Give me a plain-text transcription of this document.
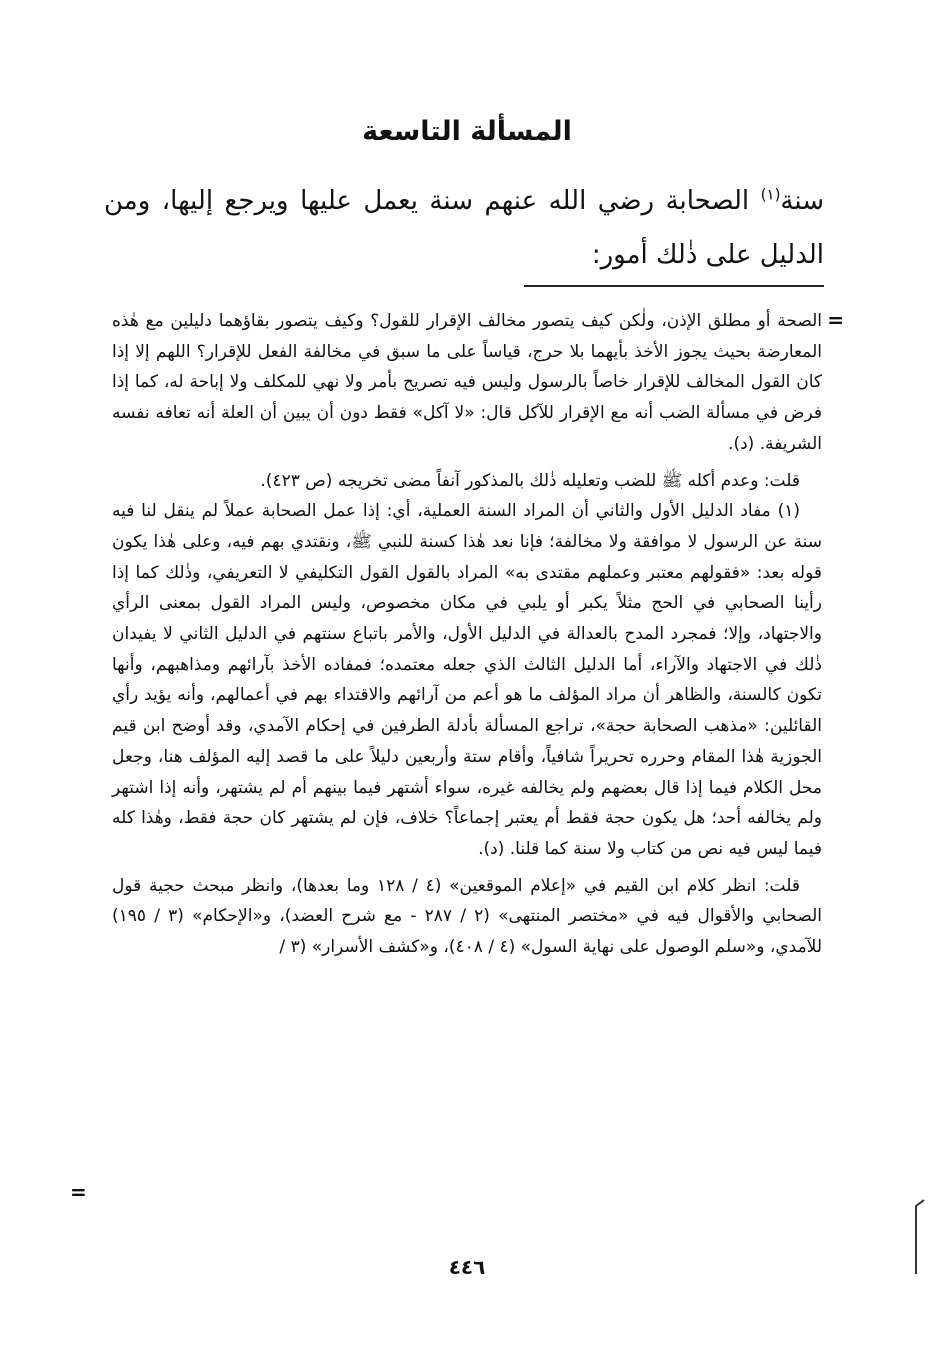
المسألة التاسعة

سنة$^{(١)}$ الصحابة رضي الله عنهم سنة يعمل عليها ويرجع إليها، ومن الدليل على ذٰلك أمور:

=

الصحة أو مطلق الإذن، ولٰكن كيف يتصور مخالف الإقرار للقول؟ وكيف يتصور بقاؤهما دليلين مع هٰذه المعارضة بحيث يجوز الأخذ بأيهما بلا حرج، قياساً على ما سبق في مخالفة الفعل للإقرار؟ اللهم إلا إذا كان القول المخالف للإقرار خاصاً بالرسول وليس فيه تصريح بأمر ولا نهي للمكلف ولا إباحة له، كما إذا فرض في مسألة الضب أنه مع الإقرار للآكل قال: «لا آكل» فقط دون أن يبين أن العلة أنه تعافه نفسه الشريفة. (د).

قلت: وعدم أكله ﷺ للضب وتعليله ذٰلك بالمذكور آنفاً مضى تخريجه (ص ٤٢٣).

(١) مفاد الدليل الأول والثاني أن المراد السنة العملية، أي: إذا عمل الصحابة عملاً لم ينقل لنا فيه سنة عن الرسول لا موافقة ولا مخالفة؛ فإنا نعد هٰذا كسنة للنبي ﷺ، ونقتدي بهم فيه، وعلى هٰذا يكون قوله بعد: «فقولهم معتبر وعملهم مقتدى به» المراد بالقول القول التكليفي لا التعريفي، وذٰلك كما إذا رأينا الصحابي في الحج مثلاً يكبر أو يلبي في مكان مخصوص، وليس المراد القول بمعنى الرأي والاجتهاد، وإلا؛ فمجرد المدح بالعدالة في الدليل الأول، والأمر باتباع سنتهم في الدليل الثاني لا يفيدان ذٰلك في الاجتهاد والآراء، أما الدليل الثالث الذي جعله معتمده؛ فمفاده الأخذ بآرائهم ومذاهبهم، وأنها تكون كالسنة، والظاهر أن مراد المؤلف ما هو أعم من آرائهم والاقتداء بهم في أعمالهم، وأنه يؤيد رأي القائلين: «مذهب الصحابة حجة»، تراجع المسألة بأدلة الطرفين في إحكام الآمدي، وقد أوضح ابن قيم الجوزية هٰذا المقام وحرره تحريراً شافياً، وأقام ستة وأربعين دليلاً على ما قصد إليه المؤلف هنا، وجعل محل الكلام فيما إذا قال بعضهم ولم يخالفه غيره، سواء أشتهر فيما بينهم أم لم يشتهر، وأنه إذا اشتهر ولم يخالفه أحد؛ هل يكون حجة فقط أم يعتبر إجماعاً؟ خلاف، فإن لم يشتهر كان حجة فقط، وهٰذا كله فيما ليس فيه نص من كتاب ولا سنة كما قلنا. (د).

قلت: انظر كلام ابن القيم في «إعلام الموقعين» (٤ / ١٢٨ وما بعدها)، وانظر مبحث حجية قول الصحابي والأقوال فيه في «مختصر المنتهى» (٢ / ٢٨٧ - مع شرح العضد)، و«الإحكام» (٣ / ١٩٥) للآمدي، و«سلم الوصول على نهاية السول» (٤ / ٤٠٨)، و«كشف الأسرار» (٣ /

=
٤٤٦
